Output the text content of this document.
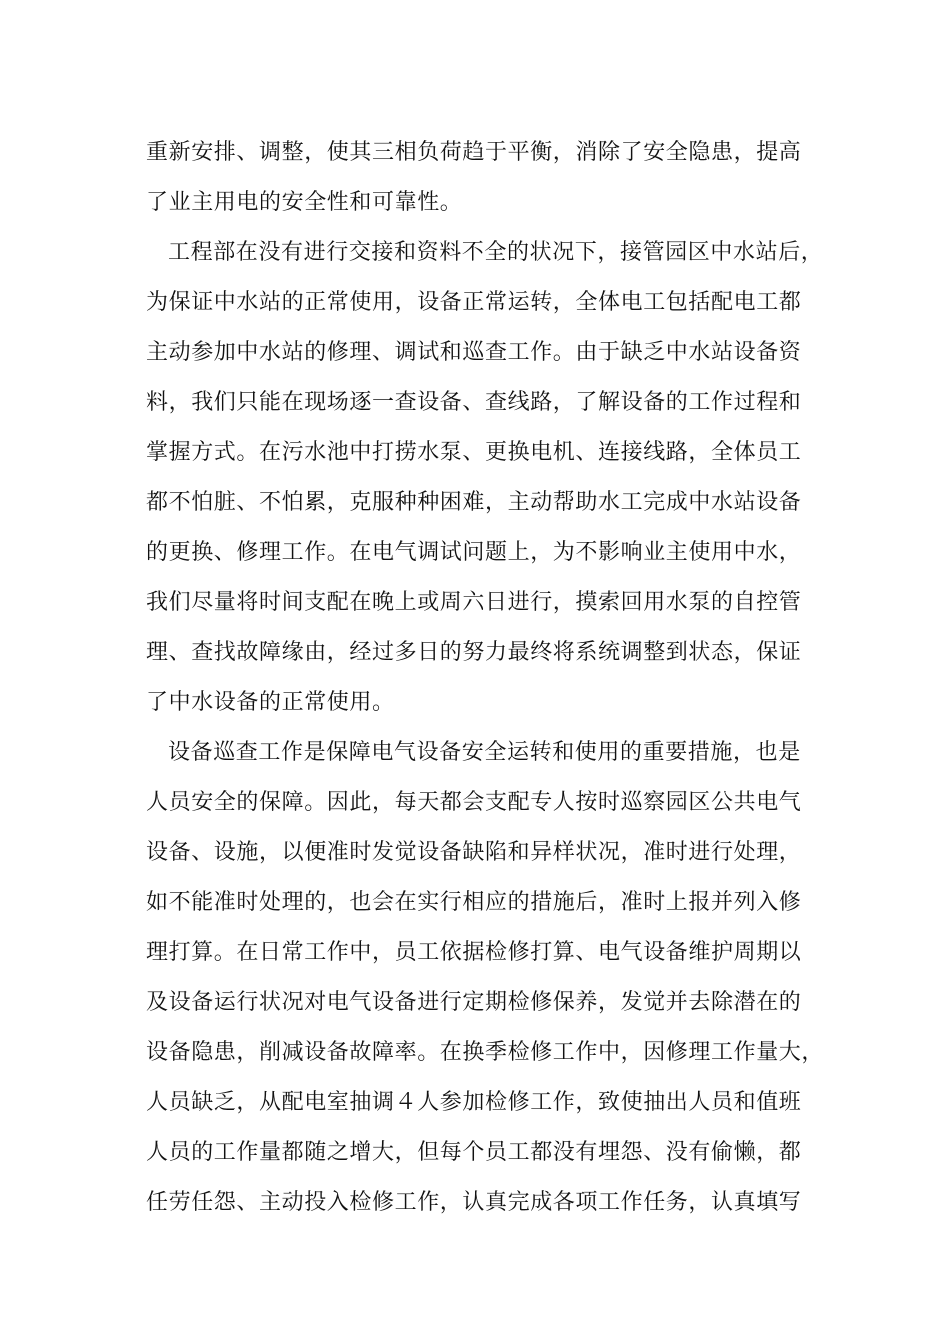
重新安排、调整，使其三相负荷趋于平衡，消除了安全隐患，提高
了业主用电的安全性和可靠性。
工程部在没有进行交接和资料不全的状况下，接管园区中水站后，
为保证中水站的正常使用，设备正常运转，全体电工包括配电工都
主动参加中水站的修理、调试和巡查工作。由于缺乏中水站设备资
料，我们只能在现场逐一查设备、查线路，了解设备的工作过程和
掌握方式。在污水池中打捞水泵、更换电机、连接线路，全体员工
都不怕脏、不怕累，克服种种困难，主动帮助水工完成中水站设备
的更换、修理工作。在电气调试问题上，为不影响业主使用中水，
我们尽量将时间支配在晚上或周六日进行，摸索回用水泵的自控管
理、查找故障缘由，经过多日的努力最终将系统调整到状态，保证
了中水设备的正常使用。
设备巡查工作是保障电气设备安全运转和使用的重要措施，也是
人员安全的保障。因此，每天都会支配专人按时巡察园区公共电气
设备、设施，以便准时发觉设备缺陷和异样状况，准时进行处理，
如不能准时处理的，也会在实行相应的措施后，准时上报并列入修
理打算。在日常工作中，员工依据检修打算、电气设备维护周期以
及设备运行状况对电气设备进行定期检修保养，发觉并去除潜在的
设备隐患，削减设备故障率。在换季检修工作中，因修理工作量大，
人员缺乏，从配电室抽调４人参加检修工作，致使抽出人员和值班
人员的工作量都随之增大，但每个员工都没有埋怨、没有偷懒，都
任劳任怨、主动投入检修工作，认真完成各项工作任务，认真填写
